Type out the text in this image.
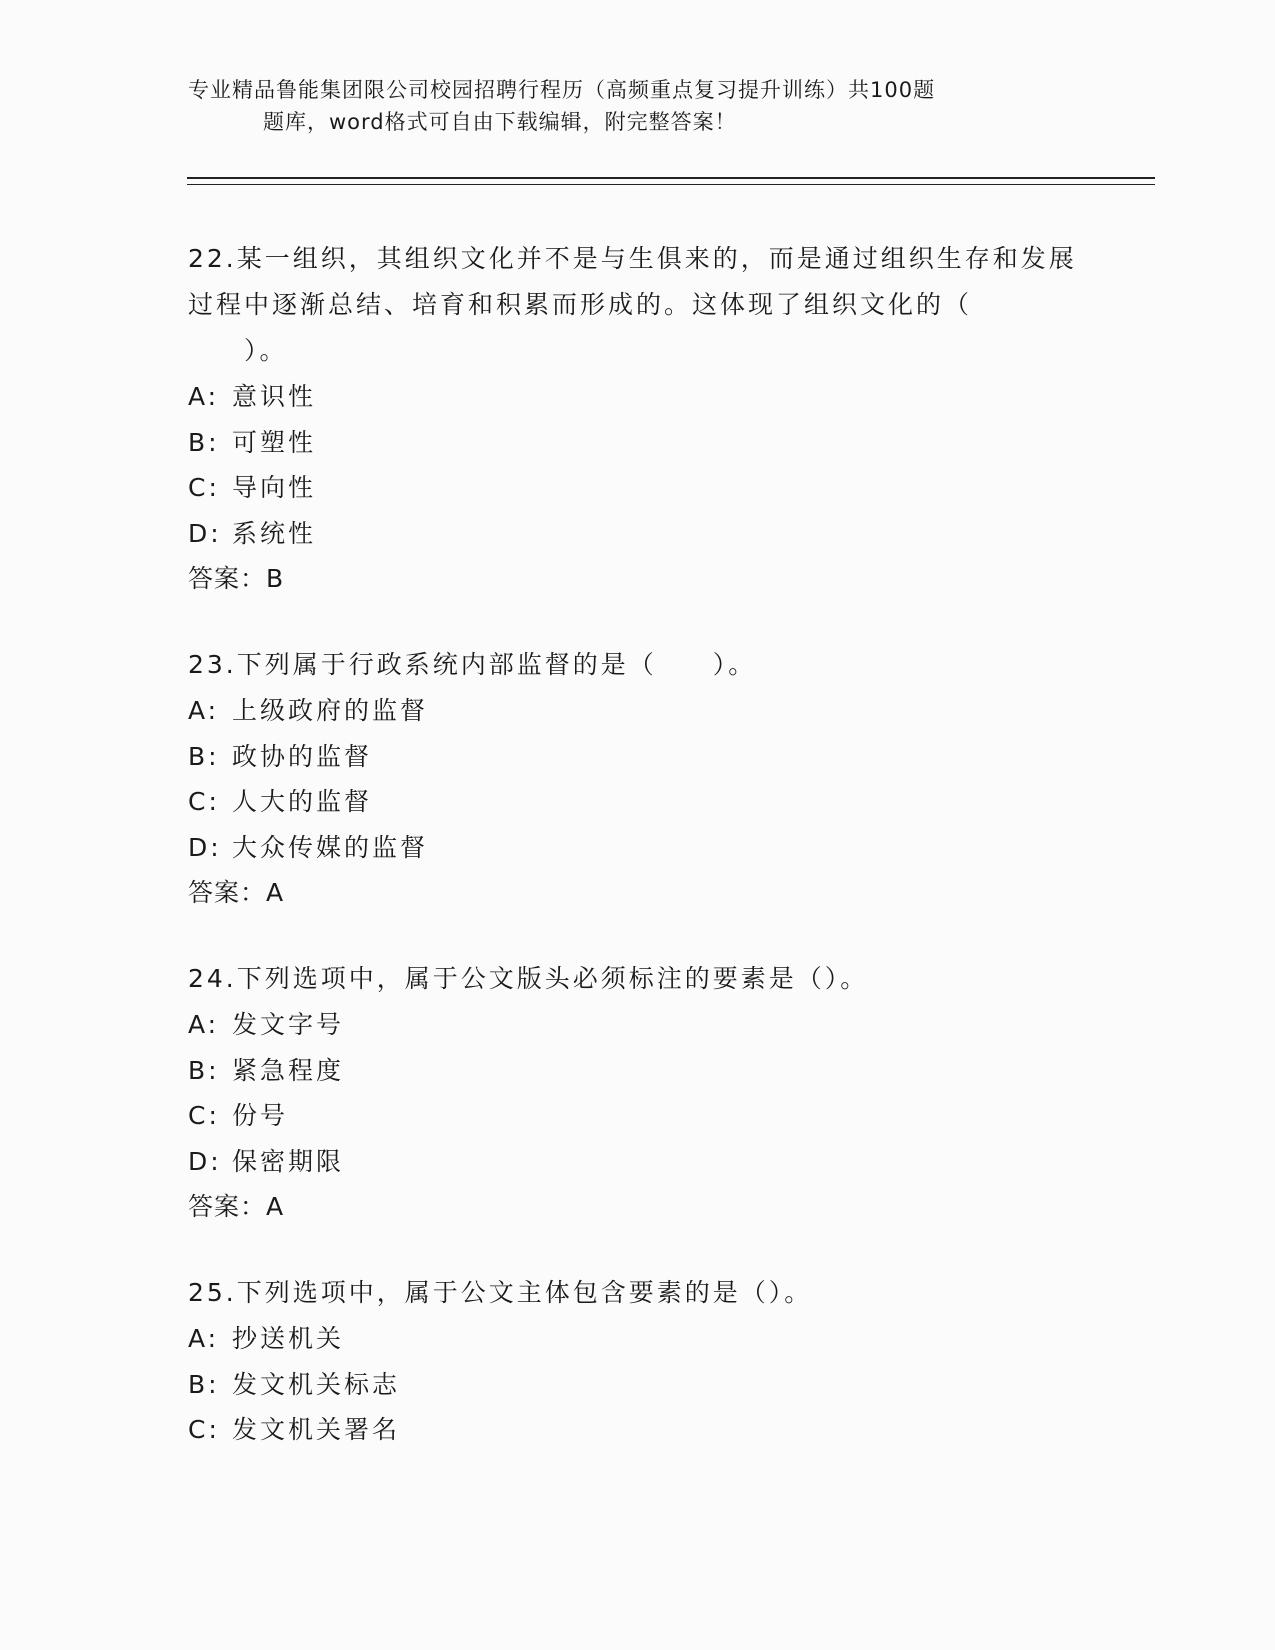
专业精品鲁能集团限公司校园招聘行程历（高频重点复习提升训练）共100题
题库，word格式可自由下载编辑，附完整答案！

22.某一组织，其组织文化并不是与生俱来的，而是通过组织生存和发展过程中逐渐总结、培育和积累而形成的。这体现了组织文化的（
）。

A: 意识性

B: 可塑性

C: 导向性

D: 系统性

答案：B

23.下列属于行政系统内部监督的是（　　）。

A: 上级政府的监督

B: 政协的监督

C: 人大的监督

D: 大众传媒的监督

答案：A

24.下列选项中，属于公文版头必须标注的要素是（）。

A: 发文字号

B: 紧急程度

C: 份号

D: 保密期限

答案：A

25.下列选项中，属于公文主体包含要素的是（）。

A: 抄送机关

B: 发文机关标志

C: 发文机关署名
